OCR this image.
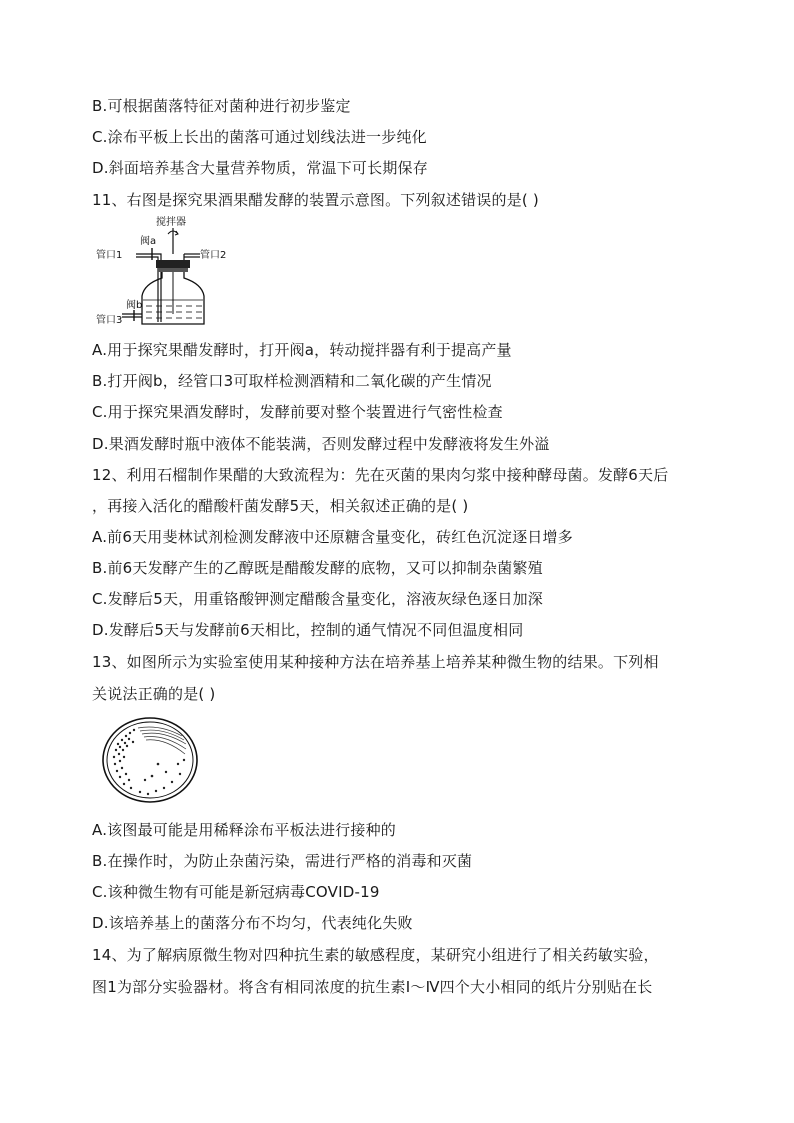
B.可根据菌落特征对菌种进行初步鉴定
C.涂布平板上长出的菌落可通过划线法进一步纯化
D.斜面培养基含大量营养物质，常温下可长期保存
11、右图是探究果酒果醋发酵的装置示意图。下列叙述错误的是( )
搅拌器
阀a
管口1	管口2
阀b
管口3
A.用于探究果醋发酵时，打开阀a，转动搅拌器有利于提高产量
B.打开阀b，经管口3可取样检测酒精和二氧化碳的产生情况
C.用于探究果酒发酵时，发酵前要对整个装置进行气密性检查
D.果酒发酵时瓶中液体不能装满，否则发酵过程中发酵液将发生外溢
12、利用石榴制作果醋的大致流程为：先在灭菌的果肉匀浆中接种酵母菌。发酵6天后
，再接入活化的醋酸杆菌发酵5天，相关叙述正确的是( )
A.前6天用斐林试剂检测发酵液中还原糖含量变化，砖红色沉淀逐日增多
B.前6天发酵产生的乙醇既是醋酸发酵的底物，又可以抑制杂菌繁殖
C.发酵后5天，用重铬酸钾测定醋酸含量变化，溶液灰绿色逐日加深
D.发酵后5天与发酵前6天相比，控制的通气情况不同但温度相同
13、如图所示为实验室使用某种接种方法在培养基上培养某种微生物的结果。下列相
关说法正确的是( )
A.该图最可能是用稀释涂布平板法进行接种的
B.在操作时，为防止杂菌污染，需进行严格的消毒和灭菌
C.该种微生物有可能是新冠病毒COVID-19
D.该培养基上的菌落分布不均匀，代表纯化失败
14、为了解病原微生物对四种抗生素的敏感程度，某研究小组进行了相关药敏实验，
图1为部分实验器材。将含有相同浓度的抗生素Ⅰ～Ⅳ四个大小相同的纸片分别贴在长
